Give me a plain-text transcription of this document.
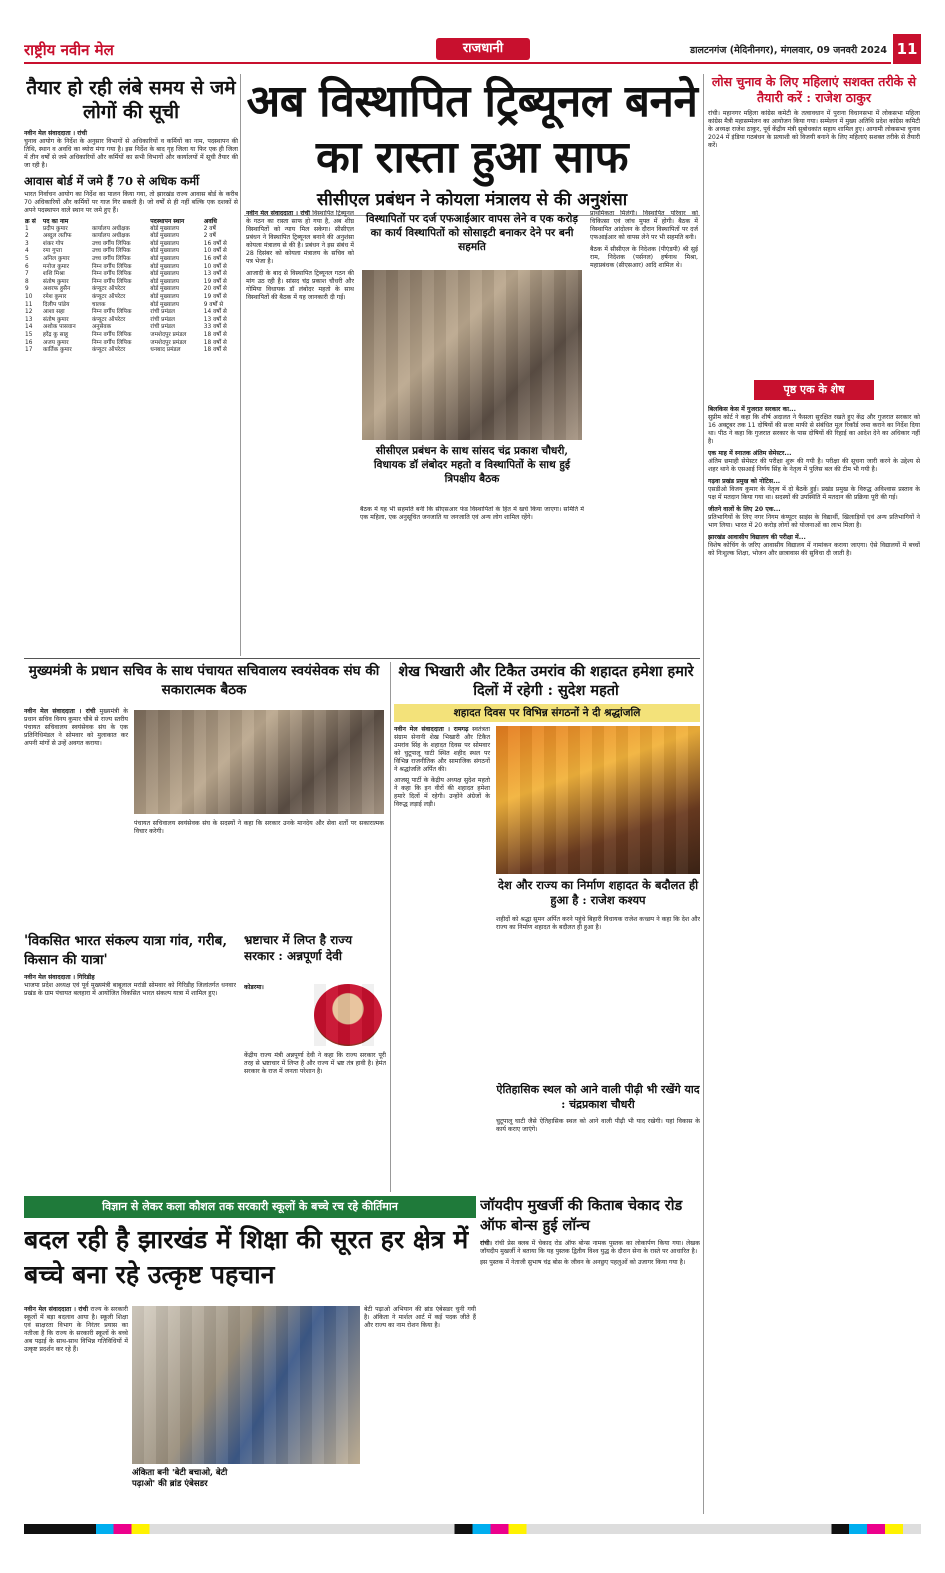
राष्ट्रीय नवीन मेल	राजधानी	डालटनगंज (मेदिनीनगर), मंगलवार, 09 जनवरी 2024 11
तैयार हो रही लंबे समय से जमे लोगों की सूची
नवीन मेल संवाददाता । रांची
चुनाव आयोग के निर्देश के अनुसार विभागों से अधिकारियों व कर्मियों का नाम, पदस्थापन की तिथि, स्थान व अवधि का ब्योरा मंगा गया है। इस निर्देश के बाद गृह जिला या फिर एक ही जिला में तीन वर्षों से जमे अधिकारियों और कर्मियों का सभी विभागों और कार्यालयों में सूची तैयार की जा रही है।
आवास बोर्ड में जमे हैं 70 से अधिक कर्मी
भारत निर्वाचन आयोग का निर्देश का पालन किया गया, तो झारखंड राज्य आवास बोर्ड के करीब 70 अधिकारियों और कर्मियों पर गाज गिर सकती है। जो वर्षों से ही नहीं बल्कि एक दशकों से अपने पदस्थापन वाले स्थान पर जमे हुए हैं।
क्र सं	पद का नाम		पदस्थापन स्थान	अवधि
1	प्रदीप कुमार	कार्यालय अधीक्षक	बोर्ड मुख्यालय	2 वर्षे
2	अब्दुल लतीफ	कार्यालय अधीक्षक	बोर्ड मुख्यालय	2 वर्षे
3	शंकर गोप	उच्च वर्गीय लिपिक	बोर्ड मुख्यालय	16 वर्षों से
4	रमा गुप्ता	उच्च वर्गीय लिपिक	बोर्ड मुख्यालय	10 वर्षों से
5	अनिल कुमार	उच्च वर्गीय लिपिक	बोर्ड मुख्यालय	16 वर्षों से
6	मनोज कुमार	निम्न वर्गीय लिपिक	बोर्ड मुख्यालय	10 वर्षों से
7	शशि मिश्रा	निम्न वर्गीय लिपिक	बोर्ड मुख्यालय	13 वर्षों से
8	संतोष कुमार	निम्न वर्गीय लिपिक	बोर्ड मुख्यालय	19 वर्षों से
9	अशरफ हुसैन	कंप्यूटर ऑपरेटर	बोर्ड मुख्यालय	20 वर्षों से
10	रमेश कुमार	कंप्यूटर ऑपरेटर	बोर्ड मुख्यालय	19 वर्षों से
11	दिलीप पांडेय	चालक	बोर्ड मुख्यालय	9 वर्षों से
12	आशा सहा	निम्न वर्गीय लिपिक	रांची प्रमंडल	14 वर्षों से
13	संतोष कुमार	कंप्यूटर ऑपरेटर	रांची प्रमंडल	13 वर्षों से
14	अशोक पासवान	अनुसेवक	रांची प्रमंडल	33 वर्षों से
15	हरेंद्र कु साहू	निम्न वर्गीय लिपिक	जमशेदपुर प्रमंडल	18 वर्षों से
16	अजय कुमार	निम्न वर्गीय लिपिक	जमशेदपुर प्रमंडल	18 वर्षों से
17	कार्तिक कुमार	कंप्यूटर ऑपरेटर	धनबाद प्रमंडल	18 वर्षों से
अब विस्थापित ट्रिब्यूनल बनने का रास्ता हुआ साफ
सीसीएल प्रबंधन ने कोयला मंत्रालय से की अनुशंसा
नवीन मेल संवाददाता । रांची विस्थापित ट्रिब्यूनल के गठन का रास्ता साफ हो गया है, अब शीघ्र विस्थापितों को न्याय मिल सकेगा। सीसीएल प्रबंधन ने विस्थापित ट्रिब्यूनल बनाने की अनुशंसा कोयला मंत्रालय से की है। प्रबंधन ने इस संबंध में 28 दिसंबर को कोयला मंत्रालय के सचिव को पत्र भेजा है।

आजादी के बाद से विस्थापित ट्रिब्यूनल गठन की मांग उठ रही है। सांसद चंद्र प्रकाश चौधरी और गोमिया विधायक डॉ लंबोदर महतो के साथ विस्थापितों की बैठक में यह जानकारी दी गई।

विस्थापितों पर दर्ज एफआईआर वापस लेने व एक करोड़ का कार्य विस्थापितों को सोसाइटी बनाकर देने पर बनी सहमति
सीसीएल प्रबंधन के साथ सांसद चंद्र प्रकाश चौधरी, विधायक डॉ लंबोदर महतो व विस्थापितों के साथ हुई त्रिपक्षीय बैठक
बैठक में यह भी सहमति बनी कि सीएसआर फंड विस्थापितों के हित में खर्च किया जाएगा। समिति में एक महिला, एक अनुसूचित जनजाति या जनजाति एवं अन्य लोग शामिल रहेंगे।
प्राथमिकता मिलेगी। विस्थापित परिवार को चिकित्सा एवं जांच मुफ्त में होगी। बैठक में विस्थापित आंदोलन के दौरान विस्थापितों पर दर्ज एफआईआर को वापस लेने पर भी सहमति बनी।

बैठक में सीसीएल के निदेशक (पीएंडपी) श्री सुई राम, निदेशक (पर्सनल) हर्षनाथ मिश्रा, महाप्रबंधक (सीएसआर) आदि शामिल थे।

लोस चुनाव के लिए महिलाएं सशक्त तरीके से तैयारी करें : राजेश ठाकुर
रांची। महानगर महिला कांग्रेस कमेटी के तत्वावधान में पुराना विधानसभा में लोकसभा महिला कांग्रेस मैत्री महासम्मेलन का आयोजन किया गया। सम्मेलन में मुख्य अतिथि प्रदेश कांग्रेस कमिटी के अध्यक्ष राजेश ठाकुर, पूर्व केंद्रीय मंत्री सुबोधकांत सहाय शामिल हुए। आगामी लोकसभा चुनाव 2024 में इंडिया गठबंधन के प्रत्याशी को विजयी बनाने के लिए महिलाएं सशक्त तरीके से तैयारी करें।
पृष्ठ एक के शेष
बिलकिस केस में गुजरात सरकार का...
सुप्रीम कोर्ट ने कहा कि शीर्ष अदालत ने फैसला सुरक्षित रखते हुए केंद्र और गुजरात सरकार को 16 अक्टूबर तक 11 दोषियों की सजा माफी से संबंधित मूल रिकॉर्ड जमा कराने का निर्देश दिया था। पीठ ने कहा कि गुजरात सरकार के पास दोषियों की रिहाई का आदेश देने का अधिकार नहीं है।
एक माह में स्नातक अंतिम सेमेस्टर...
अंतिम छमाही सेमेस्टर की परीक्षा शुरू की गयी है। परीक्षा की सूचना जारी करने के उद्देश्य से शहर थाने के एसआई निर्णय सिंह के नेतृत्व में पुलिस बल की टीम भी गयी है।
गढ़वा प्रखंड प्रमुख को नोटिस...
एसडीओ विजय कुमार के नेतृत्व में दो बैठकें हुई। प्रखंड प्रमुख के विरुद्ध अविश्वास प्रस्ताव के पक्ष में मतदान किया गया था। सदस्यों की उपस्थिति में मतदान की प्रक्रिया पूरी की गई।
जीतने वालों के लिए 20 एक...
प्रतिभागियों के लिए नगर निगम कंप्यूटर साइंस के विद्यार्थी, खिलाड़ियों एवं अन्य प्रतिभागियों ने भाग लिया। भारत में 20 करोड़ लोगों को योजनाओं का लाभ मिला है।
झारखंड आवासीय विद्यालय की परीक्षा में...
विशेष कोचिंग के जरिए आवासीय विद्यालय में नामांकन कराया जाएगा। ऐसे विद्यालयों में बच्चों को निःशुल्क शिक्षा, भोजन और छात्रावास की सुविधा दी जाती है।
मुख्यमंत्री के प्रधान सचिव के साथ पंचायत सचिवालय स्वयंसेवक संघ की सकारात्मक बैठक
नवीन मेल संवाददाता । रांची मुख्यमंत्री के प्रधान सचिव विनय कुमार चौबे से राज्य स्तरीय पंचायत सचिवालय स्वयंसेवक संघ के एक प्रतिनिधिमंडल ने सोमवार को मुलाकात कर अपनी मांगों से उन्हें अवगत कराया।
पंचायत सचिवालय स्वयंसेवक संघ के सदस्यों ने कहा कि सरकार उनके मानदेय और सेवा शर्तों पर सकारात्मक विचार करेगी।
'विकसित भारत संकल्प यात्रा गांव, गरीब, किसान की यात्रा'
नवीन मेल संवाददाता । गिरिडीह
भाजपा प्रदेश अध्यक्ष एवं पूर्व मुख्यमंत्री बाबूलाल मरांडी सोमवार को गिरिडीह जिलांतर्गत धनवार प्रखंड के ग्राम पंचायत बलहारा में आयोजित विकसित भारत संकल्प यात्रा में शामिल हुए।
भ्रष्टाचार में लिप्त है राज्य सरकार : अन्नपूर्णा देवी
कोडरमा।
केंद्रीय राज्य मंत्री अन्नपूर्णा देवी ने कहा कि राज्य सरकार पूरी तरह से भ्रष्टाचार में लिप्त है और राज्य में भ्रष्ट तंत्र हावी है। हेमंत सरकार के राज में जनता परेशान है।
शेख भिखारी और टिकैत उमरांव की शहादत हमेशा हमारे दिलों में रहेगी : सुदेश महतो
शहादत दिवस पर विभिन्न संगठनों ने दी श्रद्धांजलि
नवीन मेल संवाददाता । रामगढ़ स्वतंत्रता संग्राम सेनानी शेख भिखारी और टिकैत उमरांव सिंह के शहादत दिवस पर सोमवार को चुटूपालू घाटी स्थित शहीद स्थल पर विभिन्न राजनीतिक और सामाजिक संगठनों ने श्रद्धांजलि अर्पित की।

आजसू पार्टी के केंद्रीय अध्यक्ष सुदेश महतो ने कहा कि इन वीरों की शहादत हमेशा हमारे दिलों में रहेगी। उन्होंने अंग्रेजों के विरुद्ध लड़ाई लड़ी।

देश और राज्य का निर्माण शहादत के बदौलत ही हुआ है : राजेश कश्यप
शहीदों को श्रद्धा सुमन अर्पित करने पहुंचे बिहारी विधायक राजेश कच्छप ने कहा कि देश और राज्य का निर्माण शहादत के बदौलत ही हुआ है।
ऐतिहासिक स्थल को आने वाली पीढ़ी भी रखेंगे याद : चंद्रप्रकाश चौधरी
चुटूपालू घाटी जैसे ऐतिहासिक स्थल को आने वाली पीढ़ी भी याद रखेगी। यहां विकास के कार्य कराए जाएंगे।
विज्ञान से लेकर कला कौशल तक सरकारी स्कूलों के बच्चे रच रहे कीर्तिमान
बदल रही है झारखंड में शिक्षा की सूरत हर क्षेत्र में बच्चे बना रहे उत्कृष्ट पहचान
नवीन मेल संवाददाता । रांची राज्य के सरकारी स्कूलों में बड़ा बदलाव आया है। स्कूली शिक्षा एवं साक्षरता विभाग के निरंतर प्रयास का नतीजा है कि राज्य के सरकारी स्कूलों के बच्चे अब पढ़ाई के साथ-साथ विभिन्न गतिविधियों में उत्कृष्ट प्रदर्शन कर रहे हैं।
अंकिता बनी 'बेटी बचाओ, बेटी पढ़ाओ' की ब्रांड एंबेसडर
बेटी पढ़ाओ अभियान की ब्रांड एंबेसडर चुनी गयी है। अंकिता ने मार्शल आर्ट में कई पदक जीते हैं और राज्य का नाम रोशन किया है।
जॉयदीप मुखर्जी की किताब चेकाद रोड ऑफ बोन्स हुई लॉन्च
रांची। रांची प्रेस क्लब में चेकाद रोड ऑफ बोन्स नामक पुस्तक का लोकार्पण किया गया। लेखक जॉयदीप मुखर्जी ने बताया कि यह पुस्तक द्वितीय विश्व युद्ध के दौरान सेना के रास्ते पर आधारित है।

इस पुस्तक में नेताजी सुभाष चंद्र बोस के जीवन के अनछुए पहलुओं को उजागर किया गया है।
